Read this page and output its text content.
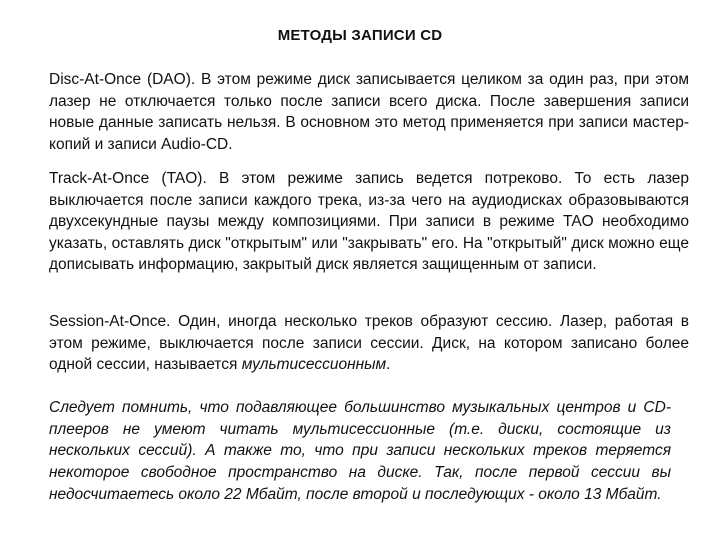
МЕТОДЫ ЗАПИСИ CD
Disc-At-Once (DAO). В этом режиме диск записывается целиком за один раз, при этом лазер не отключается только после записи всего диска. После завершения записи новые данные записать нельзя. В основном это метод применяется при записи мастер-копий и записи Audio-CD.
Track-At-Once (TAO). В этом режиме запись ведется потреково. То есть лазер выключается после записи каждого трека, из-за чего на аудиодисках образовываются двухсекундные паузы между композициями. При записи в режиме TAO необходимо указать, оставлять диск "открытым" или "закрывать" его. На "открытый" диск можно еще дописывать информацию, закрытый диск является защищенным от записи.
Session-At-Once. Один, иногда несколько треков образуют сессию. Лазер, работая в этом режиме, выключается после записи сессии. Диск, на котором записано более одной сессии, называется мультисессионным.
Следует помнить, что подавляющее большинство музыкальных центров и CD-плееров не умеют читать мультисессионные (т.е. диски, состоящие из нескольких сессий). А также то, что при записи нескольких треков теряется некоторое свободное пространство на диске. Так, после первой сессии вы недосчитаетесь около 22 Мбайт, после второй и последующих - около 13 Мбайт.
